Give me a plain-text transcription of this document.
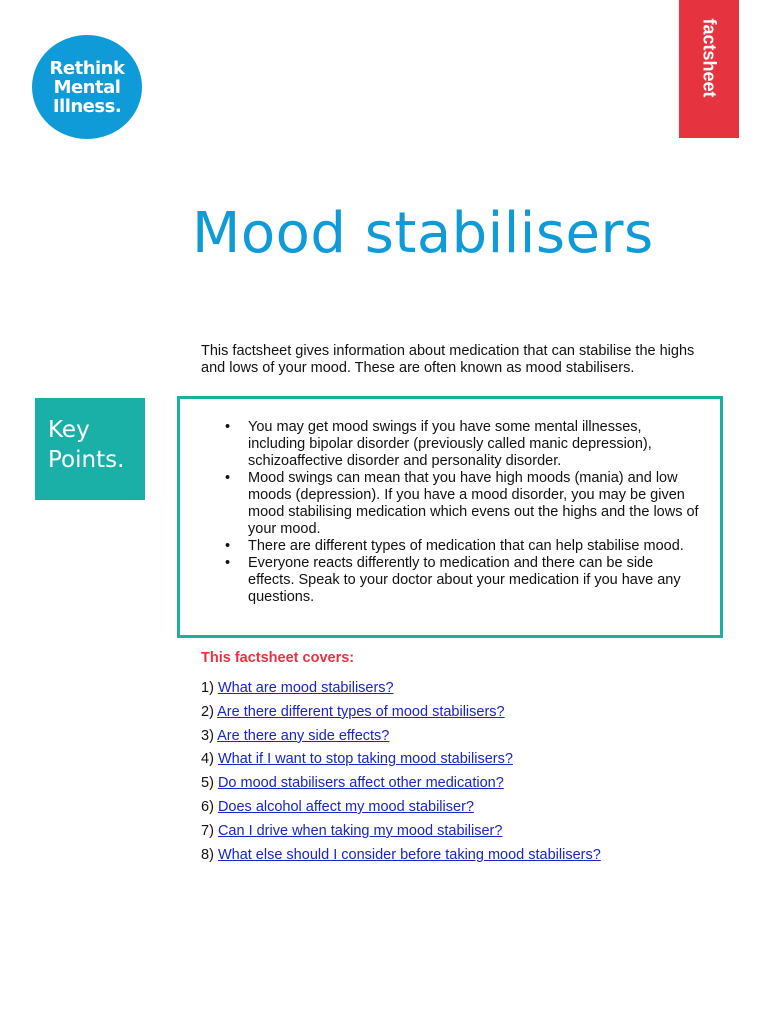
Rethink
Mental
Illness.
factsheet
Mood stabilisers

This factsheet gives information about medication that can stabilise the highs and lows of your mood. These are often known as mood stabilisers.

Key
Points.
• You may get mood swings if you have some mental illnesses, including bipolar disorder (previously called manic depression), schizoaffective disorder and personality disorder.
• Mood swings can mean that you have high moods (mania) and low moods (depression). If you have a mood disorder, you may be given mood stabilising medication which evens out the highs and the lows of your mood.
• There are different types of medication that can help stabilise mood.
• Everyone reacts differently to medication and there can be side effects. Speak to your doctor about your medication if you have any questions.
This factsheet covers:
1) What are mood stabilisers?
2) Are there different types of mood stabilisers?
3) Are there any side effects?
4) What if I want to stop taking mood stabilisers?
5) Do mood stabilisers affect other medication?
6) Does alcohol affect my mood stabiliser?
7) Can I drive when taking my mood stabiliser?
8) What else should I consider before taking mood stabilisers?
